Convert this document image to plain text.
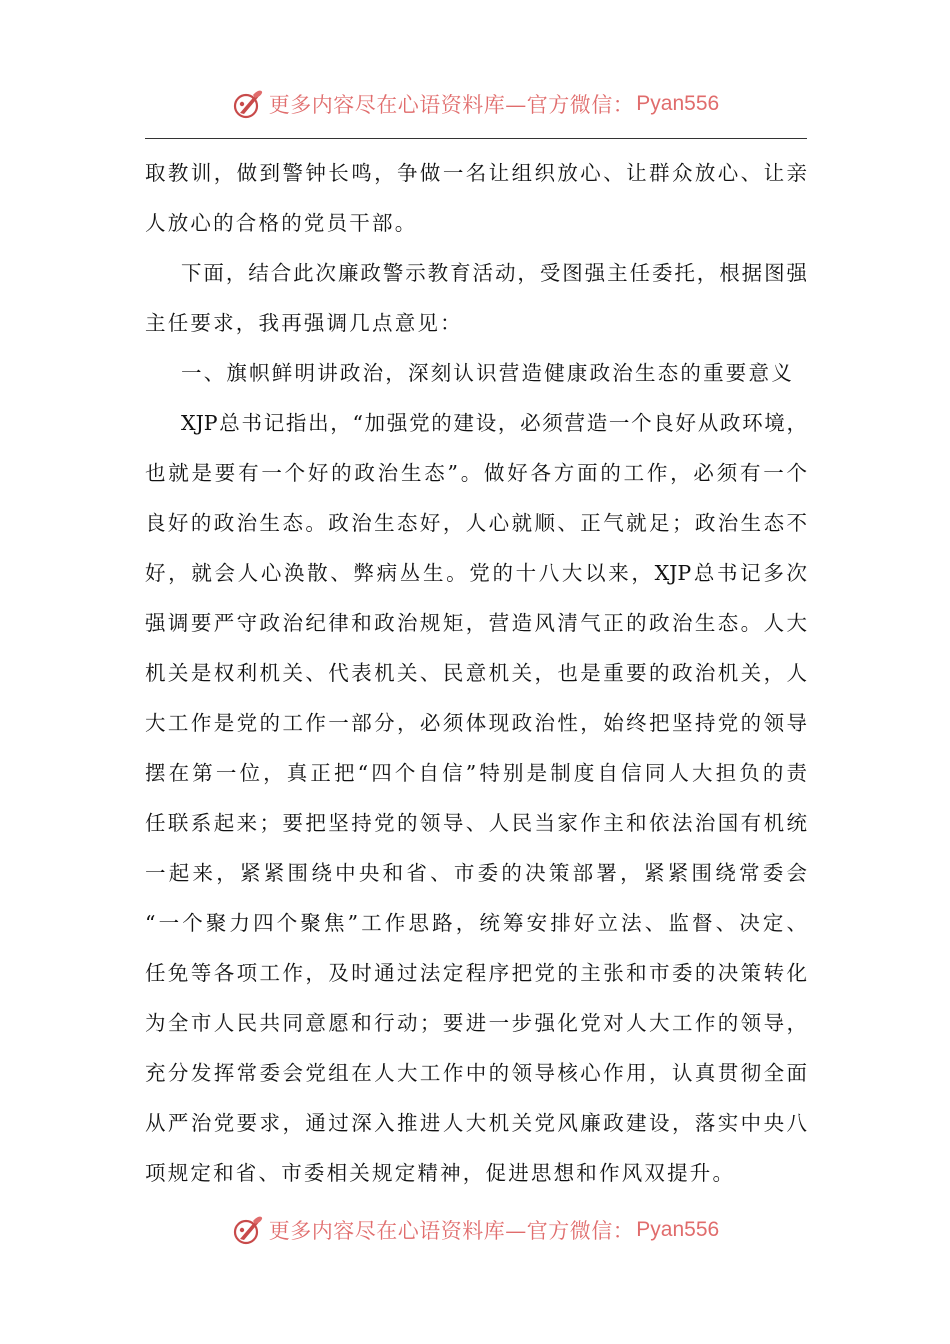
更多内容尽在心语资料库—官方微信： Pyan556
取教训，做到警钟长鸣，争做一名让组织放心、让群众放心、让亲
人放心的合格的党员干部。
下面，结合此次廉政警示教育活动，受图强主任委托，根据图强
主任要求，我再强调几点意见：
一、旗帜鲜明讲政治，深刻认识营造健康政治生态的重要意义
XJP总书记指出，“加强党的建设，必须营造一个良好从政环境，
也就是要有一个好的政治生态”。做好各方面的工作，必须有一个
良好的政治生态。政治生态好，人心就顺、正气就足；政治生态不
好，就会人心涣散、弊病丛生。党的十八大以来，XJP总书记多次
强调要严守政治纪律和政治规矩，营造风清气正的政治生态。人大
机关是权利机关、代表机关、民意机关，也是重要的政治机关，人
大工作是党的工作一部分，必须体现政治性，始终把坚持党的领导
摆在第一位，真正把“四个自信”特别是制度自信同人大担负的责
任联系起来；要把坚持党的领导、人民当家作主和依法治国有机统
一起来，紧紧围绕中央和省、市委的决策部署，紧紧围绕常委会
“一个聚力四个聚焦”工作思路，统筹安排好立法、监督、决定、
任免等各项工作，及时通过法定程序把党的主张和市委的决策转化
为全市人民共同意愿和行动；要进一步强化党对人大工作的领导，
充分发挥常委会党组在人大工作中的领导核心作用，认真贯彻全面
从严治党要求，通过深入推进人大机关党风廉政建设，落实中央八
项规定和省、市委相关规定精神，促进思想和作风双提升。
更多内容尽在心语资料库—官方微信： Pyan556
